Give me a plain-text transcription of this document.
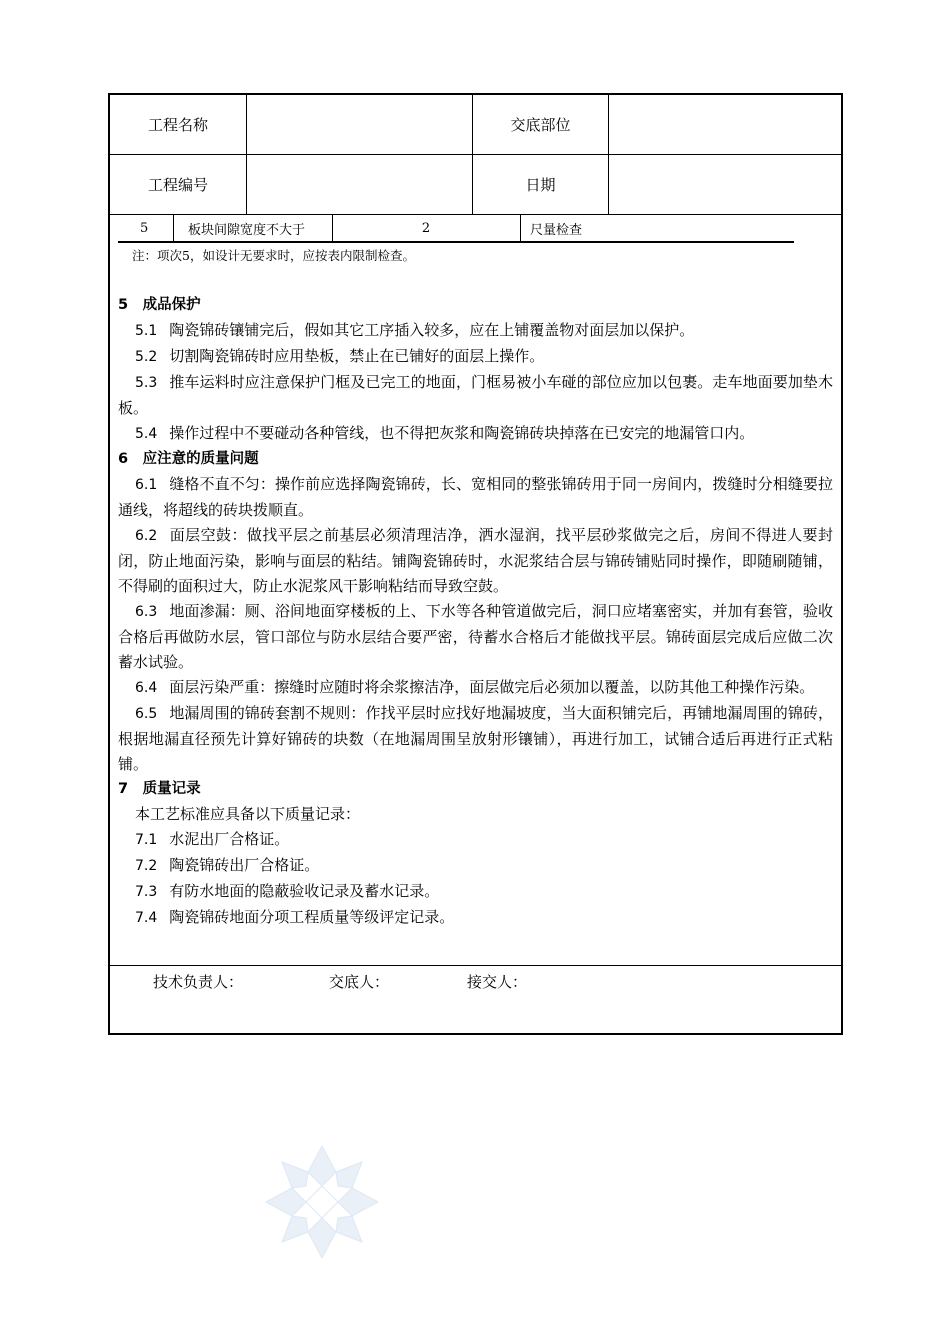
工程名称	交底部位
工程编号	日期
5	板块间隙宽度不大于	2	尺量检查
注：项次5，如设计无要求时，应按表内限制检查。

5　成品保护

5.1 陶瓷锦砖镶铺完后，假如其它工序插入较多，应在上铺覆盖物对面层加以保护。

5.2 切割陶瓷锦砖时应用垫板，禁止在已铺好的面层上操作。

5.3 推车运料时应注意保护门框及已完工的地面，门框易被小车碰的部位应加以包裹。走车地面要加垫木板。

5.4 操作过程中不要碰动各种管线，也不得把灰浆和陶瓷锦砖块掉落在已安完的地漏管口内。

6　应注意的质量问题

6.1 缝格不直不匀：操作前应选择陶瓷锦砖，长、宽相同的整张锦砖用于同一房间内，拨缝时分相缝要拉通线，将超线的砖块拨顺直。

6.2 面层空鼓：做找平层之前基层必须清理洁净，洒水湿润，找平层砂浆做完之后，房间不得进人要封闭，防止地面污染，影响与面层的粘结。铺陶瓷锦砖时，水泥浆结合层与锦砖铺贴同时操作，即随刷随铺，不得刷的面积过大，防止水泥浆风干影响粘结而导致空鼓。

6.3 地面渗漏：厕、浴间地面穿楼板的上、下水等各种管道做完后，洞口应堵塞密实，并加有套管，验收合格后再做防水层，管口部位与防水层结合要严密，待蓄水合格后才能做找平层。锦砖面层完成后应做二次蓄水试验。

6.4 面层污染严重：擦缝时应随时将余浆擦洁净，面层做完后必须加以覆盖，以防其他工种操作污染。

6.5 地漏周围的锦砖套割不规则：作找平层时应找好地漏坡度，当大面积铺完后，再铺地漏周围的锦砖，根据地漏直径预先计算好锦砖的块数（在地漏周围呈放射形镶铺），再进行加工，试铺合适后再进行正式粘铺。

7　质量记录

本工艺标准应具备以下质量记录：

7.1 水泥出厂合格证。

7.2 陶瓷锦砖出厂合格证。

7.3 有防水地面的隐蔽验收记录及蓄水记录。

7.4 陶瓷锦砖地面分项工程质量等级评定记录。

技术负责人：	交底人：	接交人：
